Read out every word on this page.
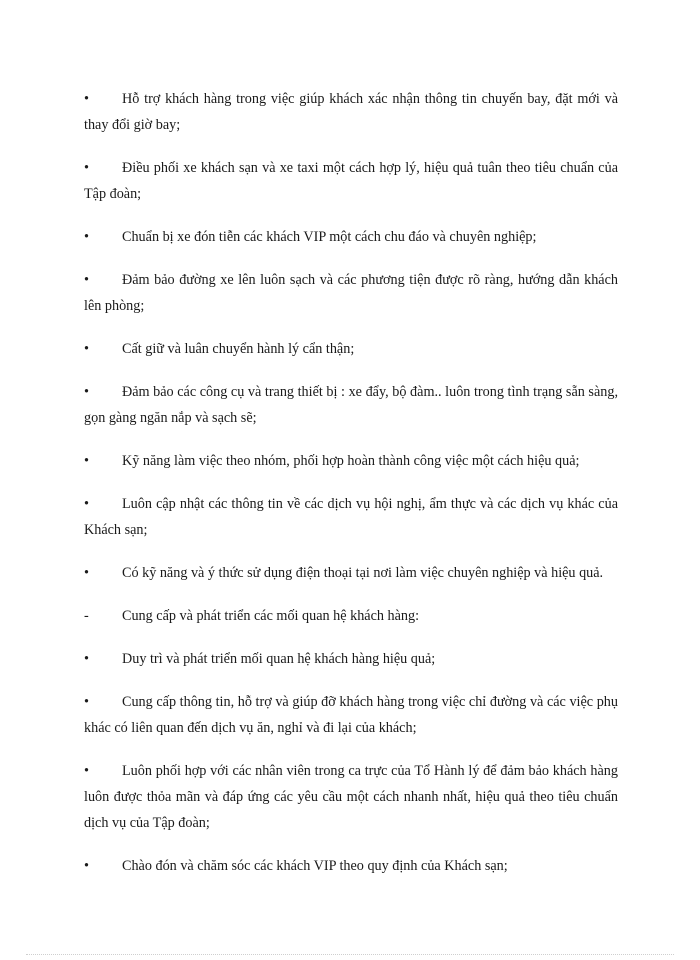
• Hỗ trợ khách hàng trong việc giúp khách xác nhận thông tin chuyến bay, đặt mới và thay đổi giờ bay;

• Điều phối xe khách sạn và xe taxi một cách hợp lý, hiệu quả tuân theo tiêu chuẩn của Tập đoàn;

• Chuẩn bị xe đón tiễn các khách VIP một cách chu đáo và chuyên nghiệp;

• Đảm bảo đường xe lên luôn sạch và các phương tiện được rõ ràng, hướng dẫn khách lên phòng;

• Cất giữ và luân chuyển hành lý cẩn thận;

• Đảm bảo các công cụ và trang thiết bị : xe đẩy, bộ đàm.. luôn trong tình trạng sẵn sàng, gọn gàng ngăn nắp và sạch sẽ;

• Kỹ năng làm việc theo nhóm, phối hợp hoàn thành công việc một cách hiệu quả;

• Luôn cập nhật các thông tin về các dịch vụ hội nghị, ẩm thực và các dịch vụ khác của Khách sạn;

• Có kỹ năng và ý thức sử dụng điện thoại tại nơi làm việc chuyên nghiệp và hiệu quả.

- Cung cấp và phát triển các mối quan hệ khách hàng:

• Duy trì và phát triển mối quan hệ khách hàng hiệu quả;

• Cung cấp thông tin, hỗ trợ và giúp đỡ khách hàng trong việc chỉ đường và các việc phụ khác có liên quan đến dịch vụ ăn, nghỉ và đi lại của khách;

• Luôn phối hợp với các nhân viên trong ca trực của Tổ Hành lý để đảm bảo khách hàng luôn được thỏa mãn và đáp ứng các yêu cầu một cách nhanh nhất, hiệu quả theo tiêu chuẩn dịch vụ của Tập đoàn;

• Chào đón và chăm sóc các khách VIP theo quy định của Khách sạn;
